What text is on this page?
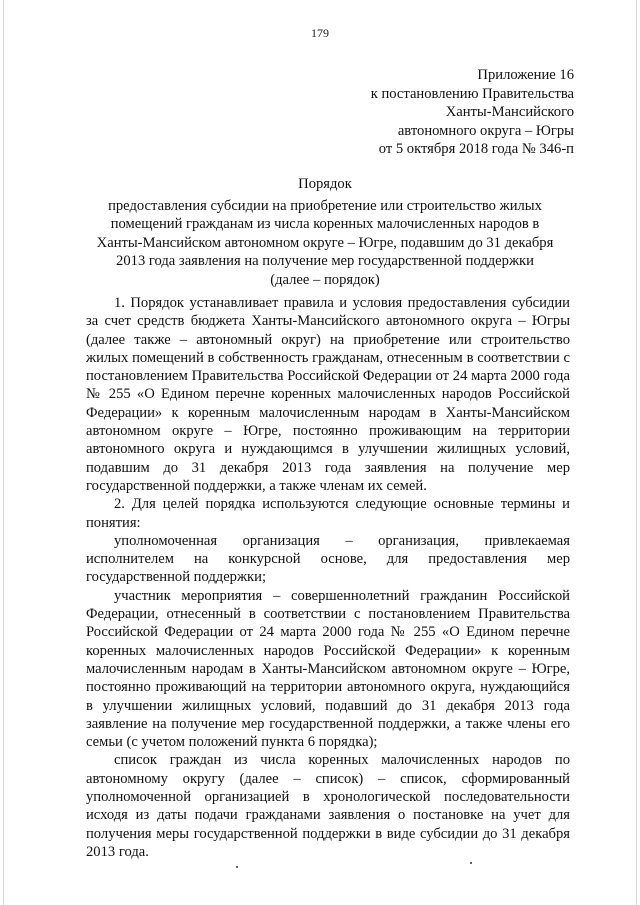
179
Приложение 16
к постановлению Правительства
Ханты-Мансийского
автономного округа – Югры
от 5 октября 2018 года № 346-п
Порядок
предоставления субсидии на приобретение или строительство жилых
помещений гражданам из числа коренных малочисленных народов в
Ханты-Мансийском автономном округе – Югре, подавшим до 31 декабря
2013 года заявления на получение мер государственной поддержки
(далее – порядок)

1. Порядок устанавливает правила и условия предоставления субсидии за счет средств бюджета Ханты-Мансийского автономного округа – Югры (далее также – автономный округ) на приобретение или строительство жилых помещений в собственность гражданам, отнесенным в соответствии с постановлением Правительства Российской Федерации от 24 марта 2000 года № 255 «О Едином перечне коренных малочисленных народов Российской Федерации» к коренным малочисленным народам в Ханты-Мансийском автономном округе – Югре, постоянно проживающим на территории автономного округа и нуждающимся в улучшении жилищных условий, подавшим до 31 декабря 2013 года заявления на получение мер государственной поддержки, а также членам их семей.

2. Для целей порядка используются следующие основные термины и понятия:

уполномоченная организация – организация, привлекаемая исполнителем на конкурсной основе, для предоставления мер государственной поддержки;

участник мероприятия – совершеннолетний гражданин Российской Федерации, отнесенный в соответствии с постановлением Правительства Российской Федерации от 24 марта 2000 года № 255 «О Едином перечне коренных малочисленных народов Российской Федерации» к коренным малочисленным народам в Ханты-Мансийском автономном округе – Югре, постоянно проживающий на территории автономного округа, нуждающийся в улучшении жилищных условий, подавший до 31 декабря 2013 года заявление на получение мер государственной поддержки, а также члены его семьи (с учетом положений пункта 6 порядка);

список граждан из числа коренных малочисленных народов по автономному округу (далее – список) – список, сформированный уполномоченной организацией в хронологической последовательности исходя из даты подачи гражданами заявления о постановке на учет для получения меры государственной поддержки в виде субсидии до 31 декабря 2013 года.
